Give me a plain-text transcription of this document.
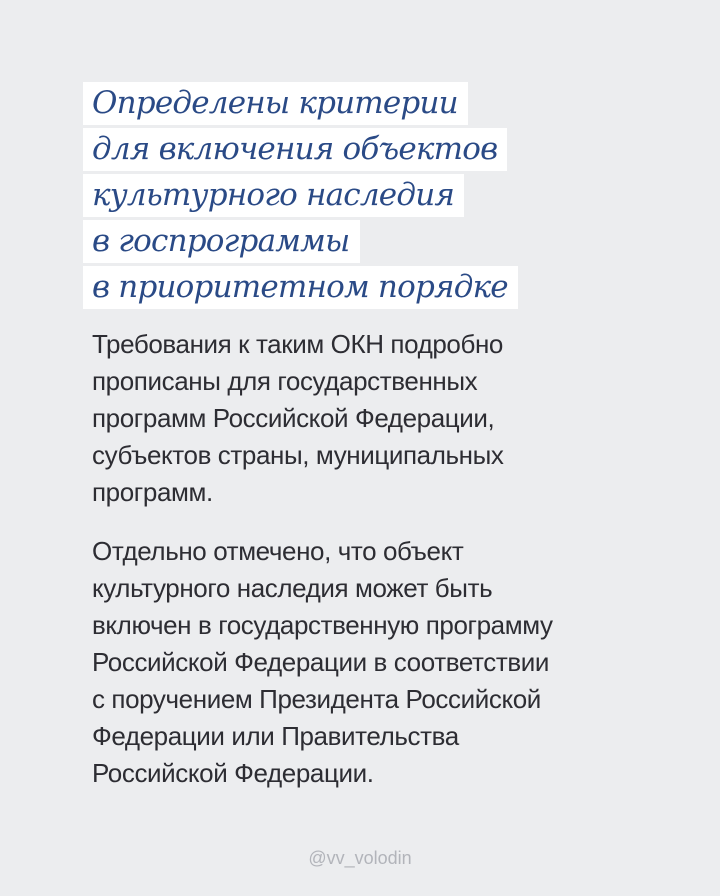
Определены критерии
для включения объектов
культурного наследия
в госпрограммы
в приоритетном порядке

Требования к таким ОКН подробно
прописаны для государственных
программ Российской Федерации,
субъектов страны, муниципальных
программ.

Отдельно отмечено, что объект
культурного наследия может быть
включен в государственную программу
Российской Федерации в соответствии
с поручением Президента Российской
Федерации или Правительства
Российской Федерации.

@vv_volodin
